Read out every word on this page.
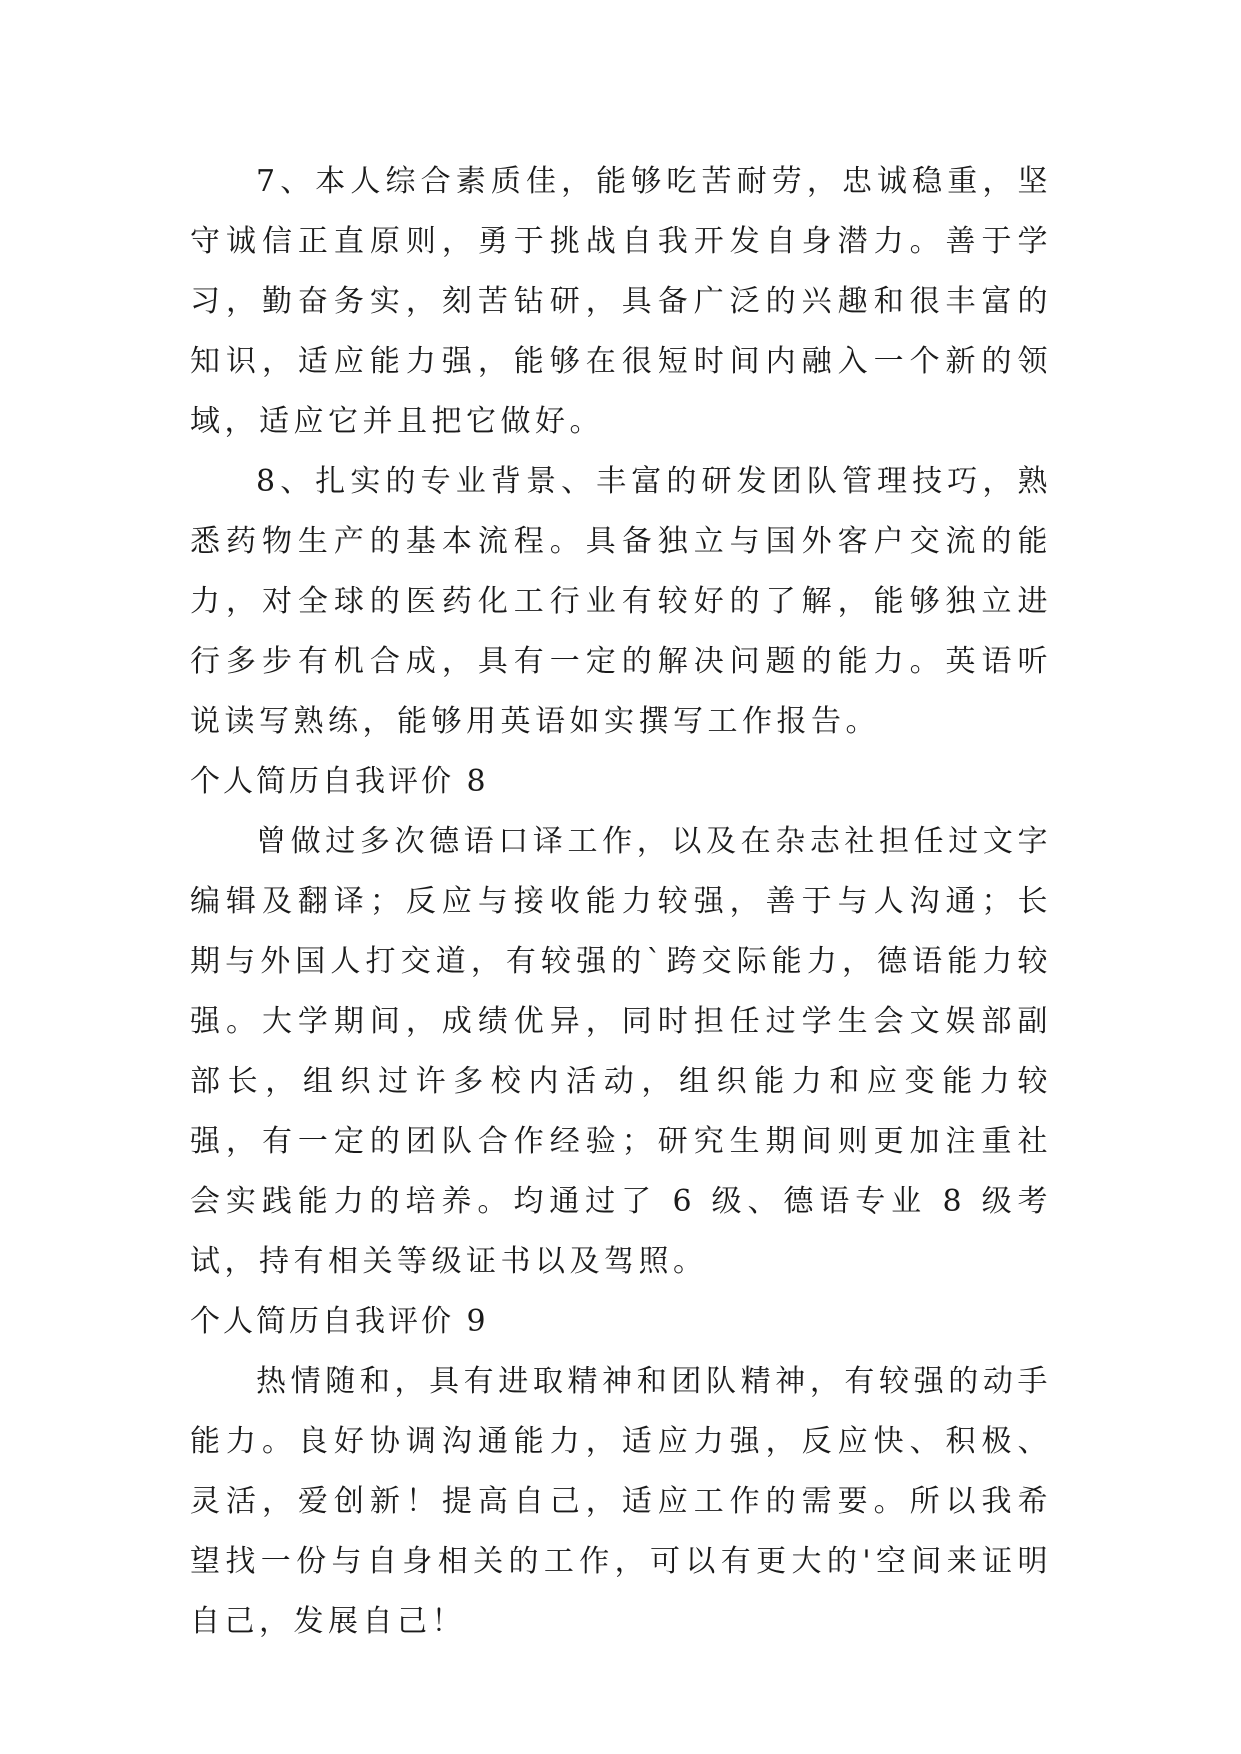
7、本人综合素质佳，能够吃苦耐劳，忠诚稳重，坚守诚信正直原则，勇于挑战自我开发自身潜力。善于学习，勤奋务实，刻苦钻研，具备广泛的兴趣和很丰富的知识，适应能力强，能够在很短时间内融入一个新的领域，适应它并且把它做好。

8、扎实的专业背景、丰富的研发团队管理技巧，熟悉药物生产的基本流程。具备独立与国外客户交流的能力，对全球的医药化工行业有较好的了解，能够独立进行多步有机合成，具有一定的解决问题的能力。英语听说读写熟练，能够用英语如实撰写工作报告。

个人简历自我评价 8

曾做过多次德语口译工作，以及在杂志社担任过文字编辑及翻译；反应与接收能力较强，善于与人沟通；长期与外国人打交道，有较强的`跨交际能力，德语能力较强。大学期间，成绩优异，同时担任过学生会文娱部副部长，组织过许多校内活动，组织能力和应变能力较强，有一定的团队合作经验；研究生期间则更加注重社会实践能力的培养。均通过了 6 级、德语专业 8 级考试，持有相关等级证书以及驾照。

个人简历自我评价 9

热情随和，具有进取精神和团队精神，有较强的动手能力。良好协调沟通能力，适应力强，反应快、积极、灵活，爱创新！提高自己，适应工作的需要。所以我希望找一份与自身相关的工作，可以有更大的'空间来证明自己，发展自己！
